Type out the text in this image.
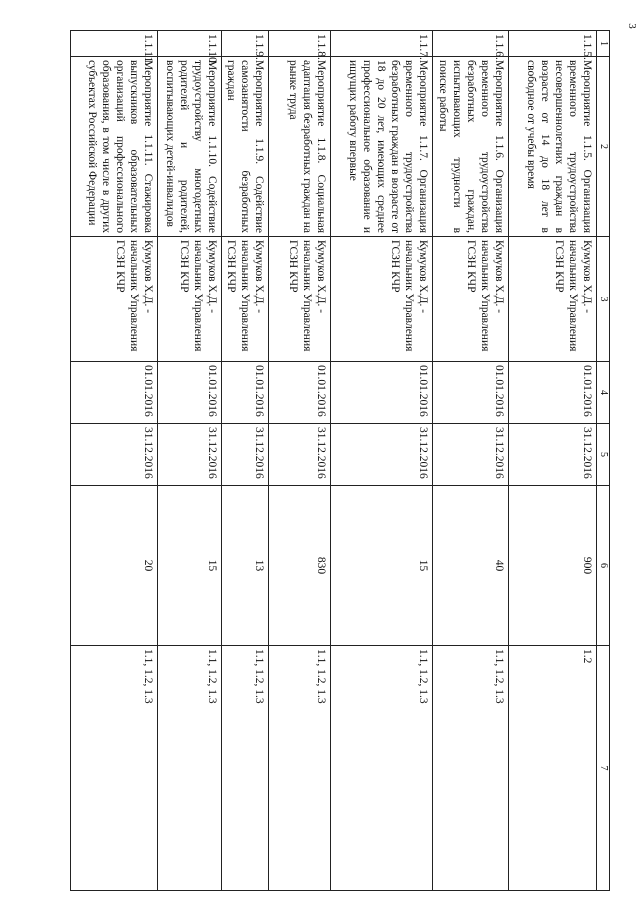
3
1	2	3	4	5	6	7
1.1.5.	Мероприятие 1.1.5. Организация временного трудоустройства несовершеннолетних граждан в возрасте от 14 до 18 лет в свободное от учебы время	Кумуков Х.Д. - начальник Управления ГСЗН КЧР	01.01.2016	31.12.2016	900	1.2
1.1.6.	Мероприятие 1.1.6. Организация временного трудоустройства безработных граждан, испытывающих трудности в поиске работы	Кумуков Х.Д. - начальник Управления ГСЗН КЧР	01.01.2016	31.12.2016	40	1.1, 1.2, 1.3
1.1.7.	Мероприятие 1.1.7. Организация временного трудоустройства безработных граждан в возрасте от 18 до 20 лет, имеющих среднее профессиональное образование и ищущих работу впервые	Кумуков Х.Д. - начальник Управления ГСЗН КЧР	01.01.2016	31.12.2016	15	1.1, 1.2, 1.3
1.1.8.	Мероприятие 1.1.8. Социальная адаптация безработных граждан на рынке труда	Кумуков Х.Д. - начальник Управления ГСЗН КЧР	01.01.2016	31.12.2016	830	1.1, 1.2, 1.3
1.1.9.	Мероприятие 1.1.9. Содействие самозанятости безработных граждан	Кумуков Х.Д. - начальник Управления ГСЗН КЧР	01.01.2016	31.12.2016	13	1.1, 1.2, 1.3
1.1.10.	Мероприятие 1.1.10. Содействие трудоустройству многодетных родителей и родителей, воспитывающих детей-инвалидов	Кумуков Х.Д. - начальник Управления ГСЗН КЧР	01.01.2016	31.12.2016	15	1.1, 1.2, 1.3
1.1.11.	Мероприятие 1.1.11. Стажировка выпускников образовательных организаций профессионального образования, в том числе в других субъектах Российской Федерации	Кумуков Х.Д. - начальник Управления ГСЗН КЧР	01.01.2016	31.12.2016	20	1.1, 1.2, 1.3
